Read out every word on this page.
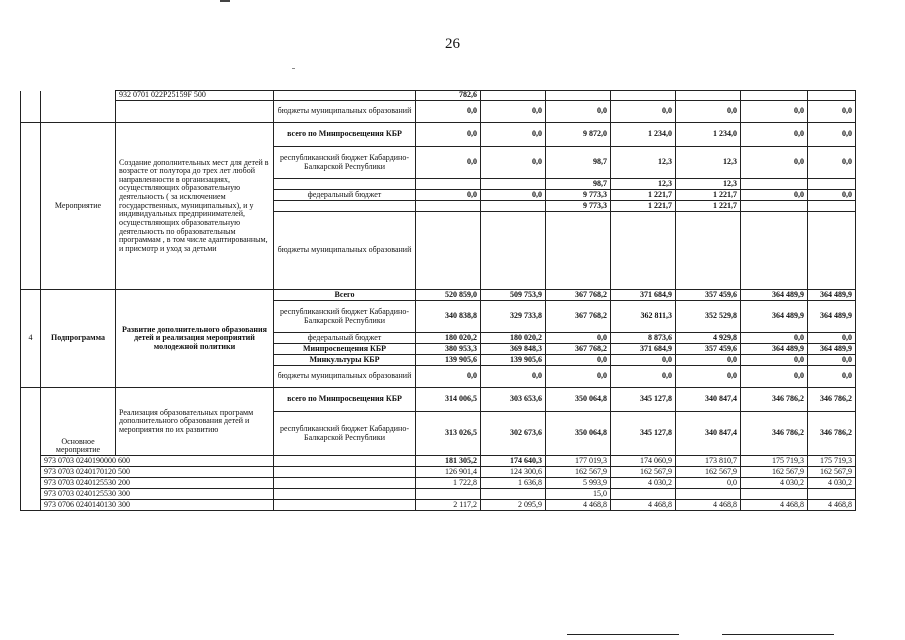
26
		932 0701 022P25159F 500		782,6						
			бюджеты муниципальных образований	0,0	0,0	0,0	0,0	0,0	0,0	0,0
	Мероприятие	Создание дополнительных мест для детей в возрасте от полутора до трех лет любой направленности в организациях, осуществляющих образовательную деятельность ( за исключением государственных, муниципальных), и у индивидуальных предпринимателей, осуществляющих образовательную деятельность по образовательным программам , в том числе адаптированным, и присмотр и уход за детьми	всего по Минпросвещения КБР	0,0	0,0	9 872,0	1 234,0	1 234,0	0,0	0,0
			республиканский бюджет Кабардино-Балкарской Республики	0,0	0,0	98,7	12,3	12,3	0,0	0,0
						98,7	12,3	12,3		
			федеральный бюджет	0,0	0,0	9 773,3	1 221,7	1 221,7	0,0	0,0
						9 773,3	1 221,7	1 221,7		
			бюджеты муниципальных образований							
4	Подпрограмма	Развитие дополнительного образования детей и реализация мероприятий молодежной политики	Всего	520 859,0	509 753,9	367 768,2	371 684,9	357 459,6	364 489,9	364 489,9
			республиканский бюджет Кабардино-Балкарской Республики	340 838,8	329 733,8	367 768,2	362 811,3	352 529,8	364 489,9	364 489,9
			федеральный бюджет	180 020,2	180 020,2	0,0	8 873,6	4 929,8	0,0	0,0
			Минпросвещения КБР	380 953,3	369 848,3	367 768,2	371 684,9	357 459,6	364 489,9	364 489,9
			Минкультуры КБР	139 905,6	139 905,6	0,0	0,0	0,0	0,0	0,0
			бюджеты муниципальных образований	0,0	0,0	0,0	0,0	0,0	0,0	0,0
	Основное мероприятие	Реализация образовательных программ дополнительного образования детей и мероприятия по их развитию	всего по Минпросвещения КБР	314 006,5	303 653,6	350 064,8	345 127,8	340 847,4	346 786,2	346 786,2
			республиканский бюджет Кабардино-Балкарской Республики	313 026,5	302 673,6	350 064,8	345 127,8	340 847,4	346 786,2	346 786,2
	973 0703 0240190000 600			181 305,2	174 640,3	177 019,3	174 060,9	173 810,7	175 719,3	175 719,3
	973 0703 0240170120 500			126 901,4	124 300,6	162 567,9	162 567,9	162 567,9	162 567,9	162 567,9
	973 0703 0240125530 200			1 722,8	1 636,8	5 993,9	4 030,2	0,0	4 030,2	4 030,2
	973 0703 0240125530 300					15,0				
	973 0706 0240140130 300			2 117,2	2 095,9	4 468,8	4 468,8	4 468,8	4 468,8	4 468,8
